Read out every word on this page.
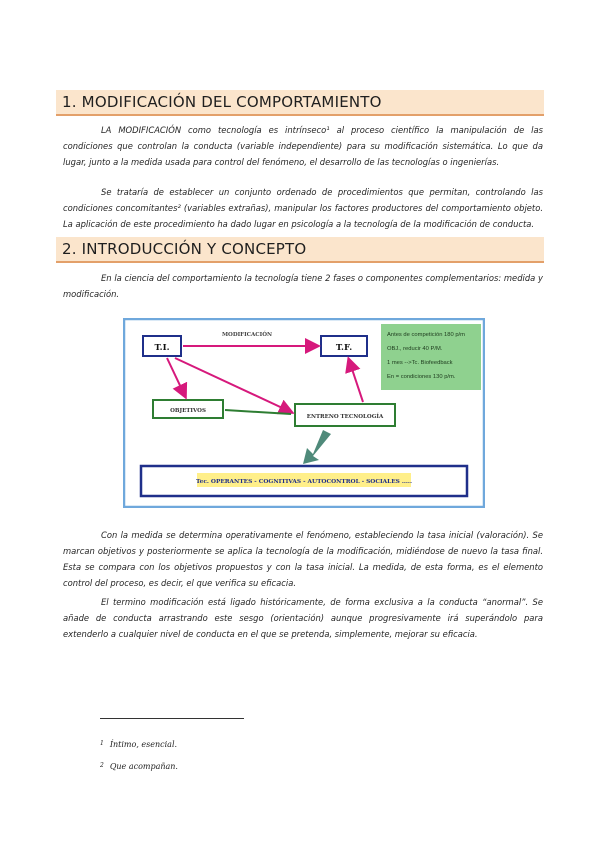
1. MODIFICACIÓN DEL COMPORTAMIENTO

LA MODIFICACIÓN como tecnología es intrínseco¹ al proceso científico la manipulación de las condiciones que controlan la conducta (variable independiente) para su modificación sistemática. Lo que da lugar, junto a la medida usada para control del fenómeno, el desarrollo de las tecnologías o ingenierías.

Se trataría de establecer un conjunto ordenado de procedimientos que permitan, controlando las condiciones concomitantes² (variables extrañas), manipular los factores productores del comportamiento objeto. La aplicación de este procedimiento ha dado lugar en psicología a la tecnología de la modificación de conducta.

2. INTRODUCCIÓN Y CONCEPTO

En la ciencia del comportamiento la tecnología tiene 2 fases o componentes complementarios: medida y modificación.

Antes de competición 180 p/m
OBJ., reducir 40 P/M.
1 mes -->Tc. Biofeedback
En = condiciones 130 p/m.
T.I.	T.F.
MODIFICACIÓN
OBJETIVOS
ENTRENO TECNOLOGÍA
Tec. OPERANTES - COGNITIVAS - AUTOCONTROL - SOCIALES .....

Con la medida se determina operativamente el fenómeno, estableciendo la tasa inicial (valoración). Se marcan objetivos y posteriormente se aplica la tecnología de la modificación, midiéndose de nuevo la tasa final. Esta se compara con los objetivos propuestos y con la tasa inicial. La medida, de esta forma, es el elemento control del proceso, es decir, el que verifica su eficacia.

El termino modificación está ligado históricamente, de forma exclusiva a la conducta “anormal”. Se añade de conducta arrastrando este sesgo (orientación) aunque progresivamente irá superándolo para extenderlo a cualquier nivel de conducta en el que se pretenda, simplemente, mejorar su eficacia.

$^1$ Íntimo, esencial.
$^2$ Que acompañan.
